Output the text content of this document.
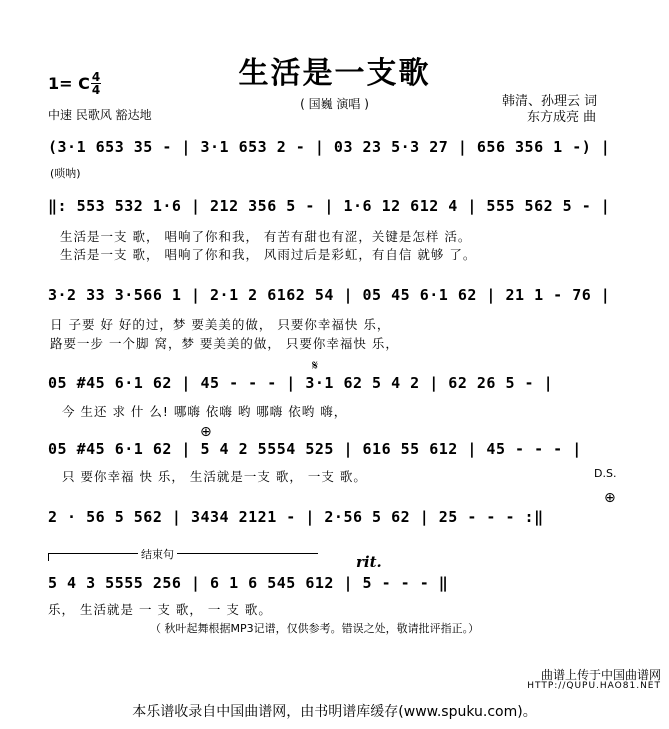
生活是一支歌
( 国巍 演唱 )
1= C 4
4
中速 民歌风 豁达地
韩清、孙理云 词
东方成亮 曲
(3·1 653 35 - | 3·1 653 2 - | 03 23 5·3 27 | 656 356 1 -) |
(唢呐)
‖: 553 532 1·6 | 212 356 5 - | 1·6 12 612 4 | 555 562 5 - |
生活是一支 歌， 唱响了你和我， 有苦有甜也有涩，关键是怎样 活。
生活是一支 歌， 唱响了你和我， 风雨过后是彩虹，有自信 就够 了。
3·2 33 3·566 1 | 2·1 2 6162 54 | 05 45 6·1 62 | 21 1 - 76 |
日 子要 好 好的过，梦 要美美的做， 只要你幸福快 乐，
路要一步 一个脚 窝，梦 要美美的做， 只要你幸福快 乐，
𝄋
05 #45 6·1 62 | 45 - - - | 3·1 62 5 4 2 | 62 26 5 - |
今 生还 求 什 么! 哪嗨 依嗨 哟 哪嗨 依哟 嗨，
⊕
05 #45 6·1 62 | 5 4 2 5554 525 | 616 55 612 | 45 - - - |
只 要你幸福 快 乐， 生活就是一支 歌， 一支 歌。	D.S.
⊕
2 · 56 5 562 | 3434 2121 - | 2·56 5 62 | 25 - - - :‖
结束句	rit.
5 4 3 5555 256 | 6 1 6 545 612 | 5 - - - ‖
乐， 生活就是 一 支 歌， 一 支 歌。
（ 秋叶起舞根据MP3记谱，仅供参考。错误之处，敬请批评指正。）
曲谱上传于中国曲谱网
HTTP://QUPU.HAO81.NET
本乐谱收录自中国曲谱网，由书明谱库缓存(www.spuku.com)。
